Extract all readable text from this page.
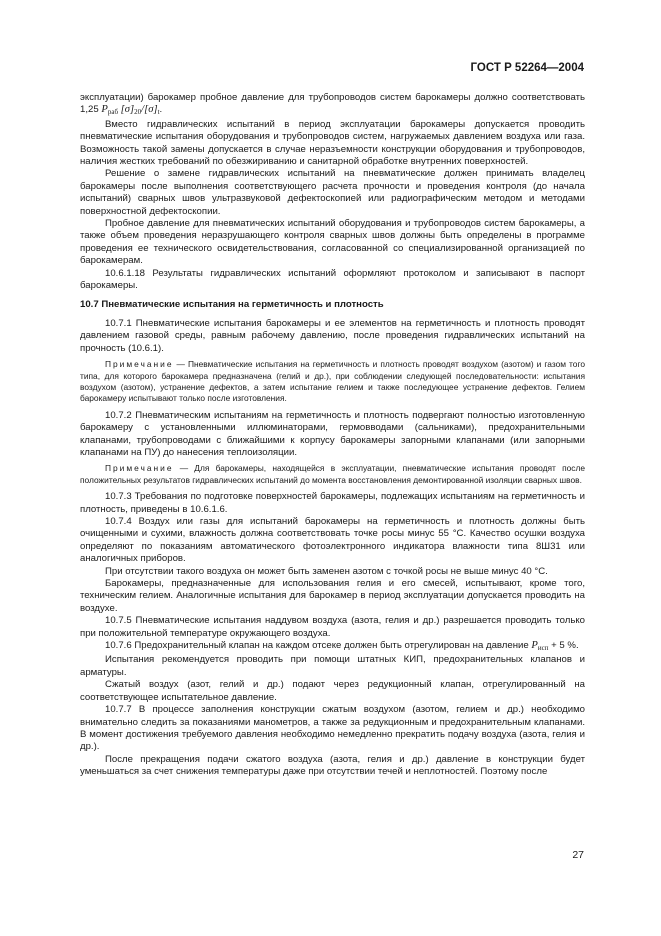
ГОСТ Р 52264—2004

эксплуатации) барокамер пробное давление для трубопроводов систем барокамеры должно соответствовать 1,25 $P_{раб}$ $[\sigma]_{20}/[\sigma]_t$.

Вместо гидравлических испытаний в период эксплуатации барокамеры допускается проводить пневматические испытания оборудования и трубопроводов систем, нагружаемых давлением воздуха или газа. Возможность такой замены допускается в случае неразъемности конструкции оборудования и трубопроводов, наличия жестких требований по обезжириванию и санитарной обработке внутренних поверхностей.

Решение о замене гидравлических испытаний на пневматические должен принимать владелец барокамеры после выполнения соответствующего расчета прочности и проведения контроля (до начала испытаний) сварных швов ультразвуковой дефектоскопией или радиографическим методом и методами поверхностной дефектоскопии.

Пробное давление для пневматических испытаний оборудования и трубопроводов систем барокамеры, а также объем проведения неразрушающего контроля сварных швов должны быть определены в программе проведения ее технического освидетельствования, согласованной со специализированной организацией по барокамерам.

10.6.1.18 Результаты гидравлических испытаний оформляют протоколом и записывают в паспорт барокамеры.

10.7 Пневматические испытания на герметичность и плотность

10.7.1 Пневматические испытания барокамеры и ее элементов на герметичность и плотность проводят давлением газовой среды, равным рабочему давлению, после проведения гидравлических испытаний на прочность (10.6.1).

Примечание — Пневматические испытания на герметичность и плотность проводят воздухом (азотом) и газом того типа, для которого барокамера предназначена (гелий и др.), при соблюдении следующей последовательности: испытания воздухом (азотом), устранение дефектов, а затем испытание гелием и также последующее устранение дефектов. Гелием барокамеру испытывают только после изготовления.

10.7.2 Пневматическим испытаниям на герметичность и плотность подвергают полностью изготовленную барокамеру с установленными иллюминаторами, гермовводами (сальниками), предохранительными клапанами, трубопроводами с ближайшими к корпусу барокамеры запорными клапанами (или запорными клапанами на ПУ) до нанесения теплоизоляции.

Примечание — Для барокамеры, находящейся в эксплуатации, пневматические испытания проводят после положительных результатов гидравлических испытаний до момента восстановления демонтированной изоляции сварных швов.

10.7.3 Требования по подготовке поверхностей барокамеры, подлежащих испытаниям на герметичность и плотность, приведены в 10.6.1.6.

10.7.4 Воздух или газы для испытаний барокамеры на герметичность и плотность должны быть очищенными и сухими, влажность должна соответствовать точке росы минус 55 °С. Качество осушки воздуха определяют по показаниям автоматического фотоэлектронного индикатора влажности типа 8Ш31 или аналогичных приборов.

При отсутствии такого воздуха он может быть заменен азотом с точкой росы не выше минус 40 °С.

Барокамеры, предназначенные для использования гелия и его смесей, испытывают, кроме того, техническим гелием. Аналогичные испытания для барокамер в период эксплуатации допускается проводить на воздухе.

10.7.5 Пневматические испытания наддувом воздуха (азота, гелия и др.) разрешается проводить только при положительной температуре окружающего воздуха.

10.7.6 Предохранительный клапан на каждом отсеке должен быть отрегулирован на давление $P_{исп} + 5$ %.

Испытания рекомендуется проводить при помощи штатных КИП, предохранительных клапанов и арматуры.

Сжатый воздух (азот, гелий и др.) подают через редукционный клапан, отрегулированный на соответствующее испытательное давление.

10.7.7 В процессе заполнения конструкции сжатым воздухом (азотом, гелием и др.) необходимо внимательно следить за показаниями манометров, а также за редукционным и предохранительным клапанами. В момент достижения требуемого давления необходимо немедленно прекратить подачу воздуха (азота, гелия и др.).

После прекращения подачи сжатого воздуха (азота, гелия и др.) давление в конструкции будет уменьшаться за счет снижения температуры даже при отсутствии течей и неплотностей. Поэтому после

27
